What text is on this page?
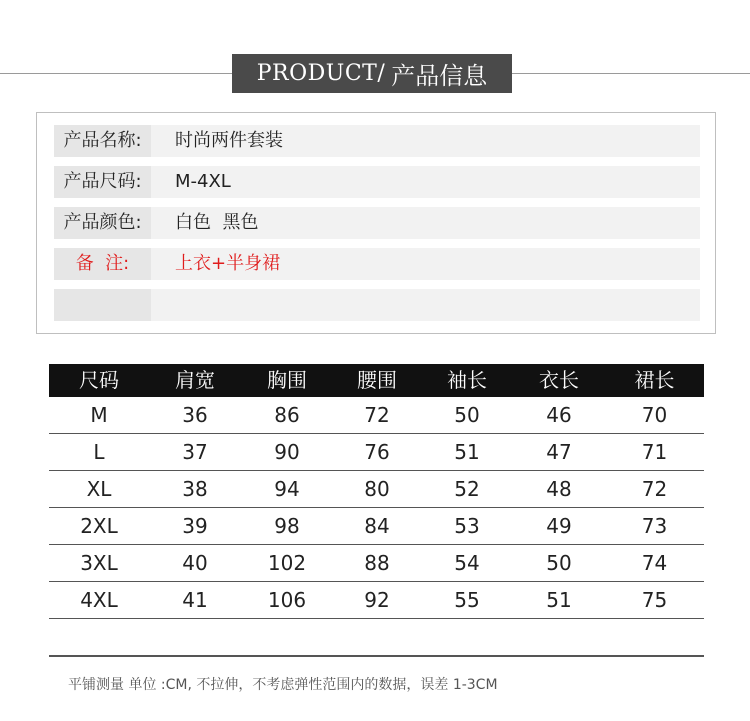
PRODUCT/ 产品信息
产品名称:	时尚两件套装
产品尺码:	M-4XL
产品颜色:	白色  黑色
备  注:	上衣+半身裙
尺码	肩宽	胸围	腰围	袖长	衣长	裙长
M	36	86	72	50	46	70
L	37	90	76	51	47	71
XL	38	94	80	52	48	72
2XL	39	98	84	53	49	73
3XL	40	102	88	54	50	74
4XL	41	106	92	55	51	75
平铺测量 单位 :CM, 不拉伸，不考虑弹性范围内的数据，误差 1-3CM
